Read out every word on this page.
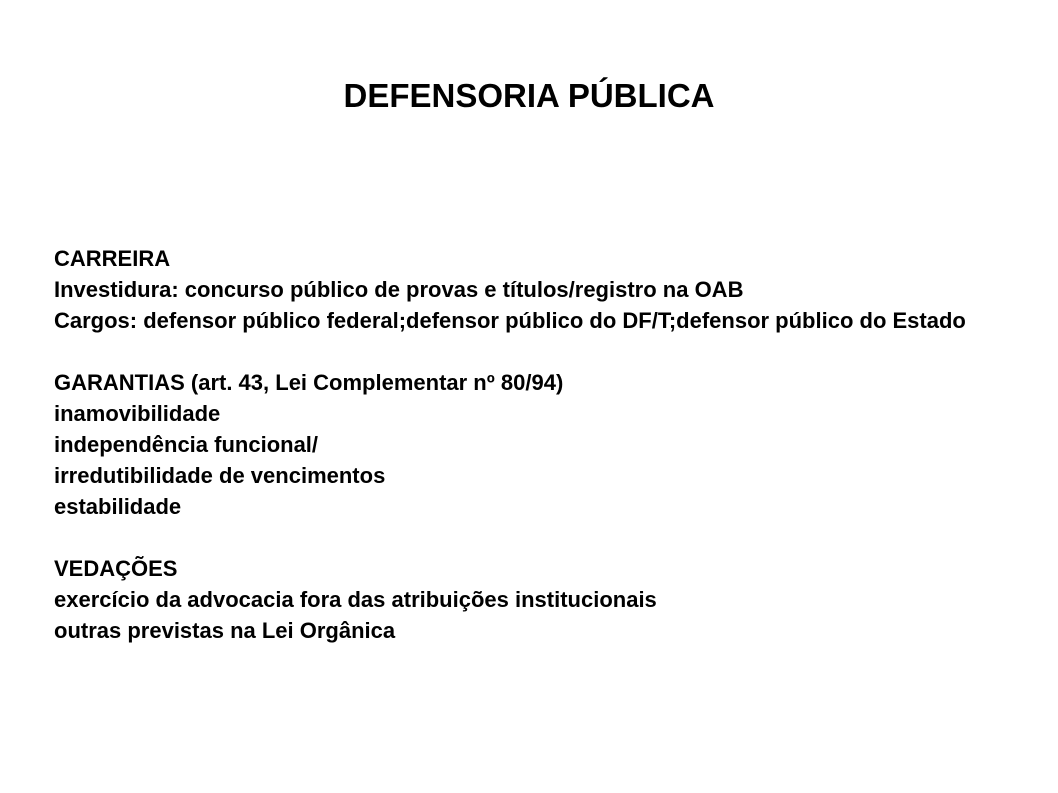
DEFENSORIA PÚBLICA
CARREIRA
Investidura: concurso público de provas e títulos/registro na OAB
Cargos: defensor público federal;defensor público do DF/T;defensor público do Estado
GARANTIAS (art. 43, Lei Complementar nº 80/94)
inamovibilidade
independência funcional/
irredutibilidade de vencimentos
estabilidade
VEDAÇÕES
exercício da advocacia fora das atribuições institucionais
outras previstas na Lei Orgânica
